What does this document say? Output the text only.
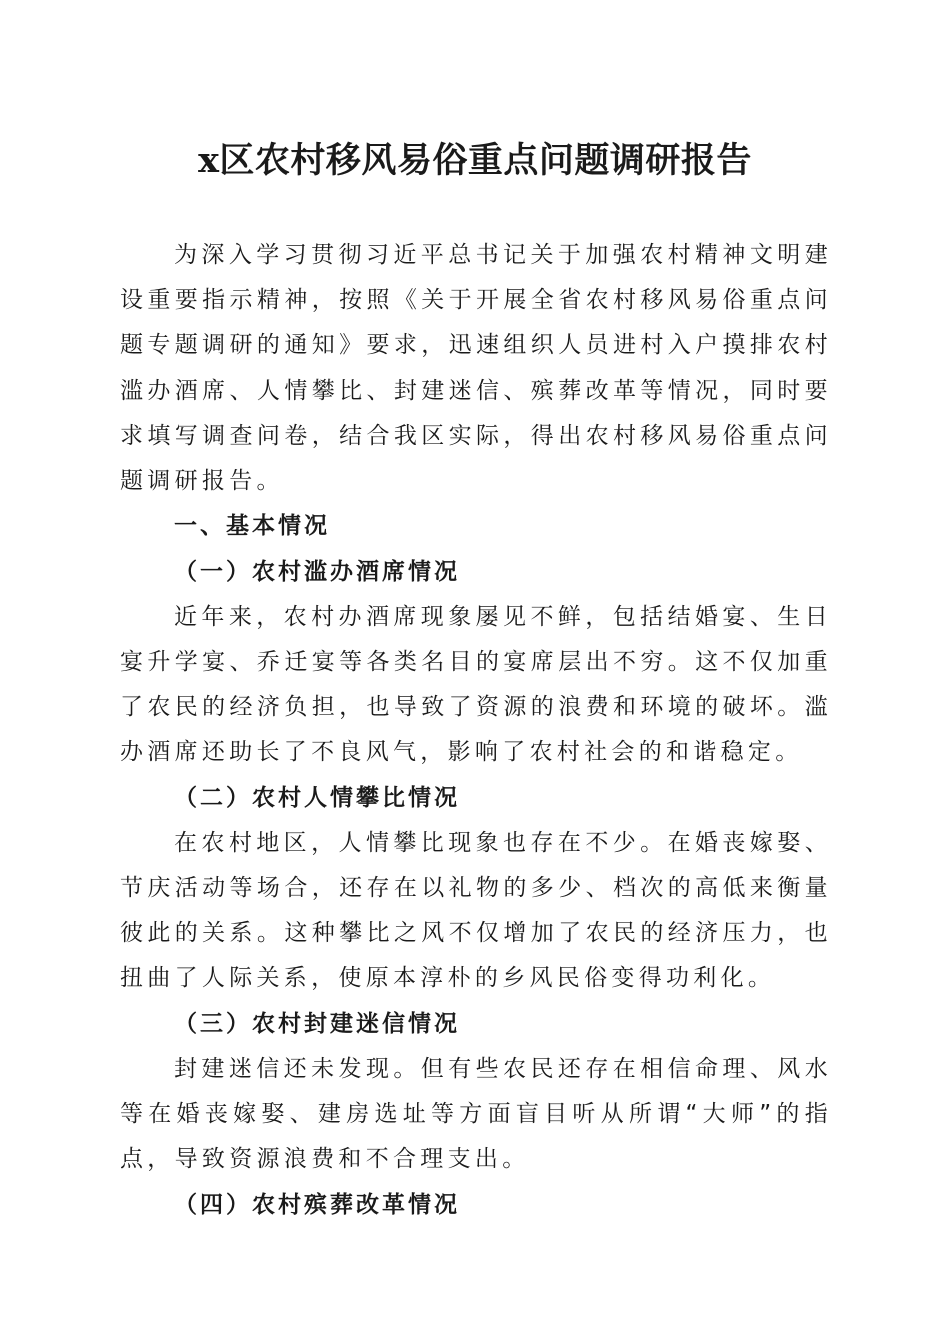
x区农村移风易俗重点问题调研报告

为深入学习贯彻习近平总书记关于加强农村精神文明建设重要指示精神，按照《关于开展全省农村移风易俗重点问题专题调研的通知》要求，迅速组织人员进村入户摸排农村滥办酒席、人情攀比、封建迷信、殡葬改革等情况，同时要求填写调查问卷，结合我区实际，得出农村移风易俗重点问题调研报告。

一、基本情况

（一）农村滥办酒席情况

近年来，农村办酒席现象屡见不鲜，包括结婚宴、生日宴升学宴、乔迁宴等各类名目的宴席层出不穷。这不仅加重了农民的经济负担，也导致了资源的浪费和环境的破坏。滥办酒席还助长了不良风气，影响了农村社会的和谐稳定。

（二）农村人情攀比情况

在农村地区，人情攀比现象也存在不少。在婚丧嫁娶、节庆活动等场合，还存在以礼物的多少、档次的高低来衡量彼此的关系。这种攀比之风不仅增加了农民的经济压力，也扭曲了人际关系，使原本淳朴的乡风民俗变得功利化。

（三）农村封建迷信情况

封建迷信还未发现。但有些农民还存在相信命理、风水等在婚丧嫁娶、建房选址等方面盲目听从所谓“大师”的指点，导致资源浪费和不合理支出。

（四）农村殡葬改革情况
